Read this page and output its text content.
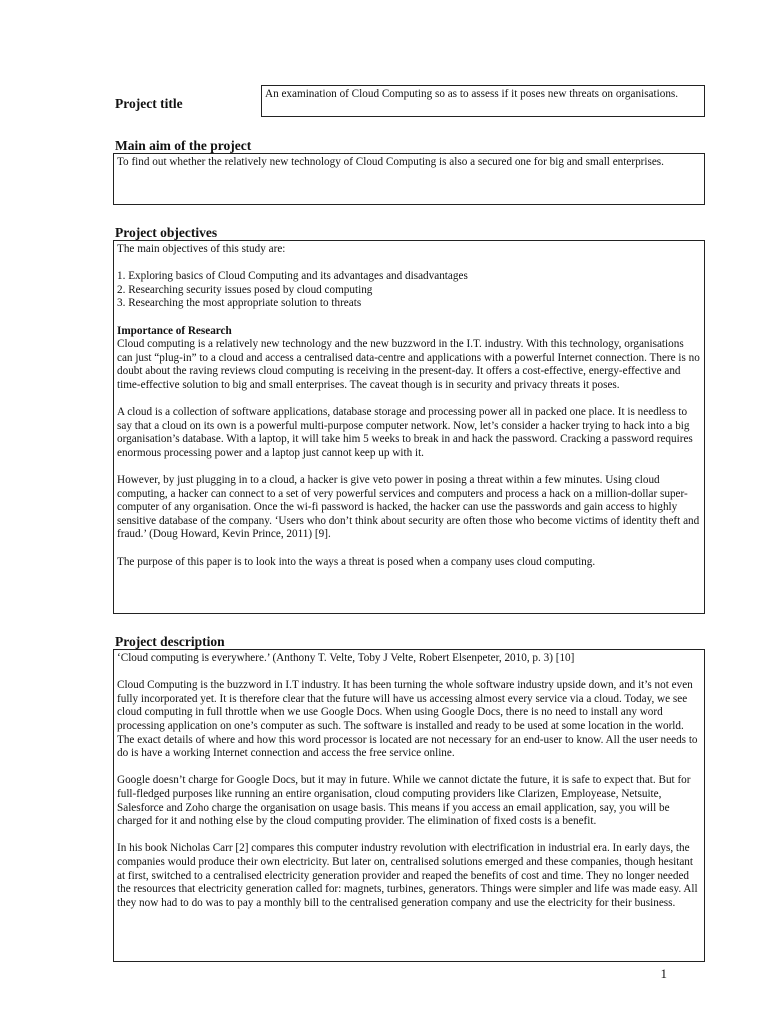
Project title

An examination of Cloud Computing so as to assess if it poses new threats on organisations.

Main aim of the project

To find out whether the relatively new technology of Cloud Computing is also a secured one for big and small enterprises.

Project objectives

The main objectives of this study are:

1. Exploring basics of Cloud Computing and its advantages and disadvantages

2. Researching security issues posed by cloud computing

3. Researching the most appropriate solution to threats

Importance of Research

Cloud computing is a relatively new technology and the new buzzword in the I.T. industry. With this technology, organisations can just “plug-in” to a cloud and access a centralised data-centre and applications with a powerful Internet connection. There is no doubt about the raving reviews cloud computing is receiving in the present-day. It offers a cost-effective, energy-effective and time-effective solution to big and small enterprises. The caveat though is in security and privacy threats it poses.

A cloud is a collection of software applications, database storage and processing power all in packed one place. It is needless to say that a cloud on its own is a powerful multi-purpose computer network. Now, let’s consider a hacker trying to hack into a big organisation’s database. With a laptop, it will take him 5 weeks to break in and hack the password. Cracking a password requires enormous processing power and a laptop just cannot keep up with it.

However, by just plugging in to a cloud, a hacker is give veto power in posing a threat within a few minutes. Using cloud computing, a hacker can connect to a set of very powerful services and computers and process a hack on a million-dollar super-computer of any organisation. Once the wi-fi password is hacked, the hacker can use the passwords and gain access to highly sensitive database of the company. ‘Users who don’t think about security are often those who become victims of identity theft and fraud.’ (Doug Howard, Kevin Prince, 2011) [9].

The purpose of this paper is to look into the ways a threat is posed when a company uses cloud computing.

Project description

‘Cloud computing is everywhere.’ (Anthony T. Velte, Toby J Velte, Robert Elsenpeter, 2010, p. 3) [10]

Cloud Computing is the buzzword in I.T industry. It has been turning the whole software industry upside down, and it’s not even fully incorporated yet. It is therefore clear that the future will have us accessing almost every service via a cloud. Today, we see cloud computing in full throttle when we use Google Docs. When using Google Docs, there is no need to install any word processing application on one’s computer as such. The software is installed and ready to be used at some location in the world. The exact details of where and how this word processor is located are not necessary for an end-user to know. All the user needs to do is have a working Internet connection and access the free service online.

Google doesn’t charge for Google Docs, but it may in future. While we cannot dictate the future, it is safe to expect that. But for full-fledged purposes like running an entire organisation, cloud computing providers like Clarizen, Employease, Netsuite, Salesforce and Zoho charge the organisation on usage basis. This means if you access an email application, say, you will be charged for it and nothing else by the cloud computing provider. The elimination of fixed costs is a benefit.

In his book Nicholas Carr [2] compares this computer industry revolution with electrification in industrial era. In early days, the companies would produce their own electricity. But later on, centralised solutions emerged and these companies, though hesitant at first, switched to a centralised electricity generation provider and reaped the benefits of cost and time. They no longer needed the resources that electricity generation called for: magnets, turbines, generators. Things were simpler and life was made easy. All they now had to do was to pay a monthly bill to the centralised generation company and use the electricity for their business.

1
